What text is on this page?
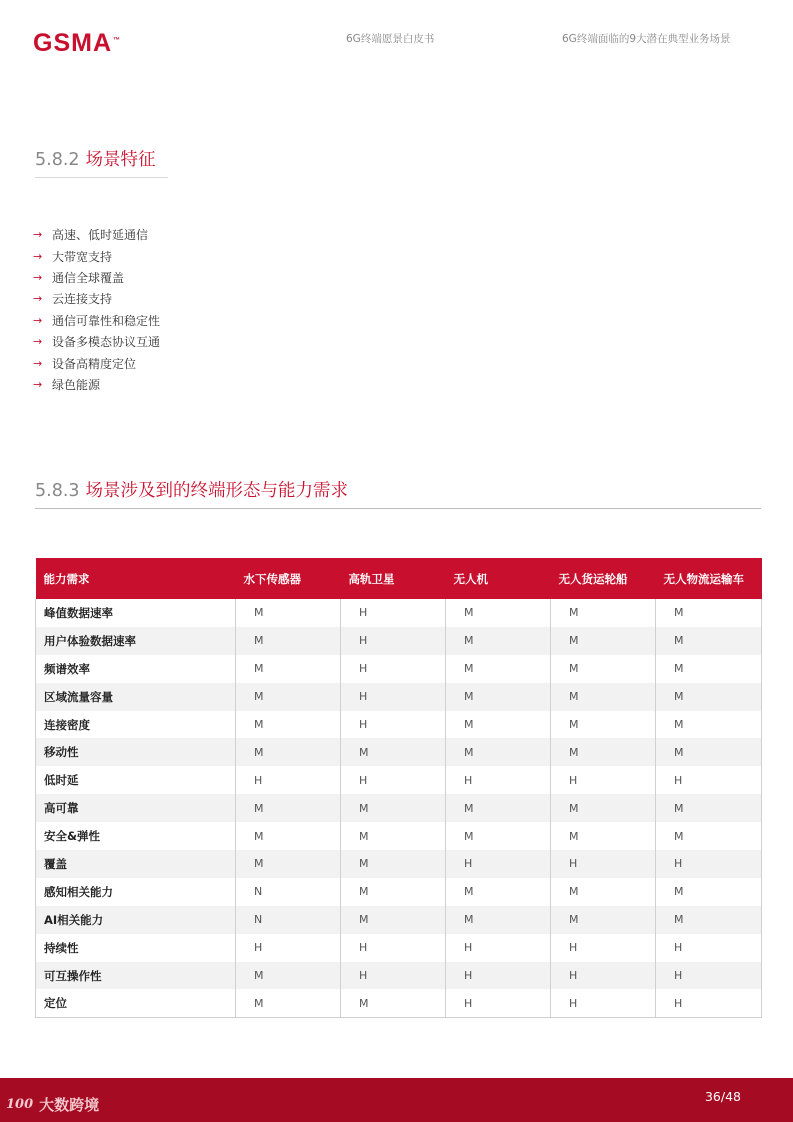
GSMA™	6G终端愿景白皮书	6G终端面临的9大潜在典型业务场景
5.8.2 场景特征
→ 高速、低时延通信
→ 大带宽支持
→ 通信全球覆盖
→ 云连接支持
→ 通信可靠性和稳定性
→ 设备多模态协议互通
→ 设备高精度定位
→ 绿色能源
5.8.3 场景涉及到的终端形态与能力需求
能力需求	水下传感器	高轨卫星	无人机	无人货运轮船	无人物流运输车
峰值数据速率	M	H	M	M	M
用户体验数据速率	M	H	M	M	M
频谱效率	M	H	M	M	M
区域流量容量	M	H	M	M	M
连接密度	M	H	M	M	M
移动性	M	M	M	M	M
低时延	H	H	H	H	H
高可靠	M	M	M	M	M
安全&弹性	M	M	M	M	M
覆盖	M	M	H	H	H
感知相关能力	N	M	M	M	M
AI相关能力	N	M	M	M	M
持续性	H	H	H	H	H
可互操作性	M	H	H	H	H
定位	M	M	H	H	H
100 大数跨境	36/48
